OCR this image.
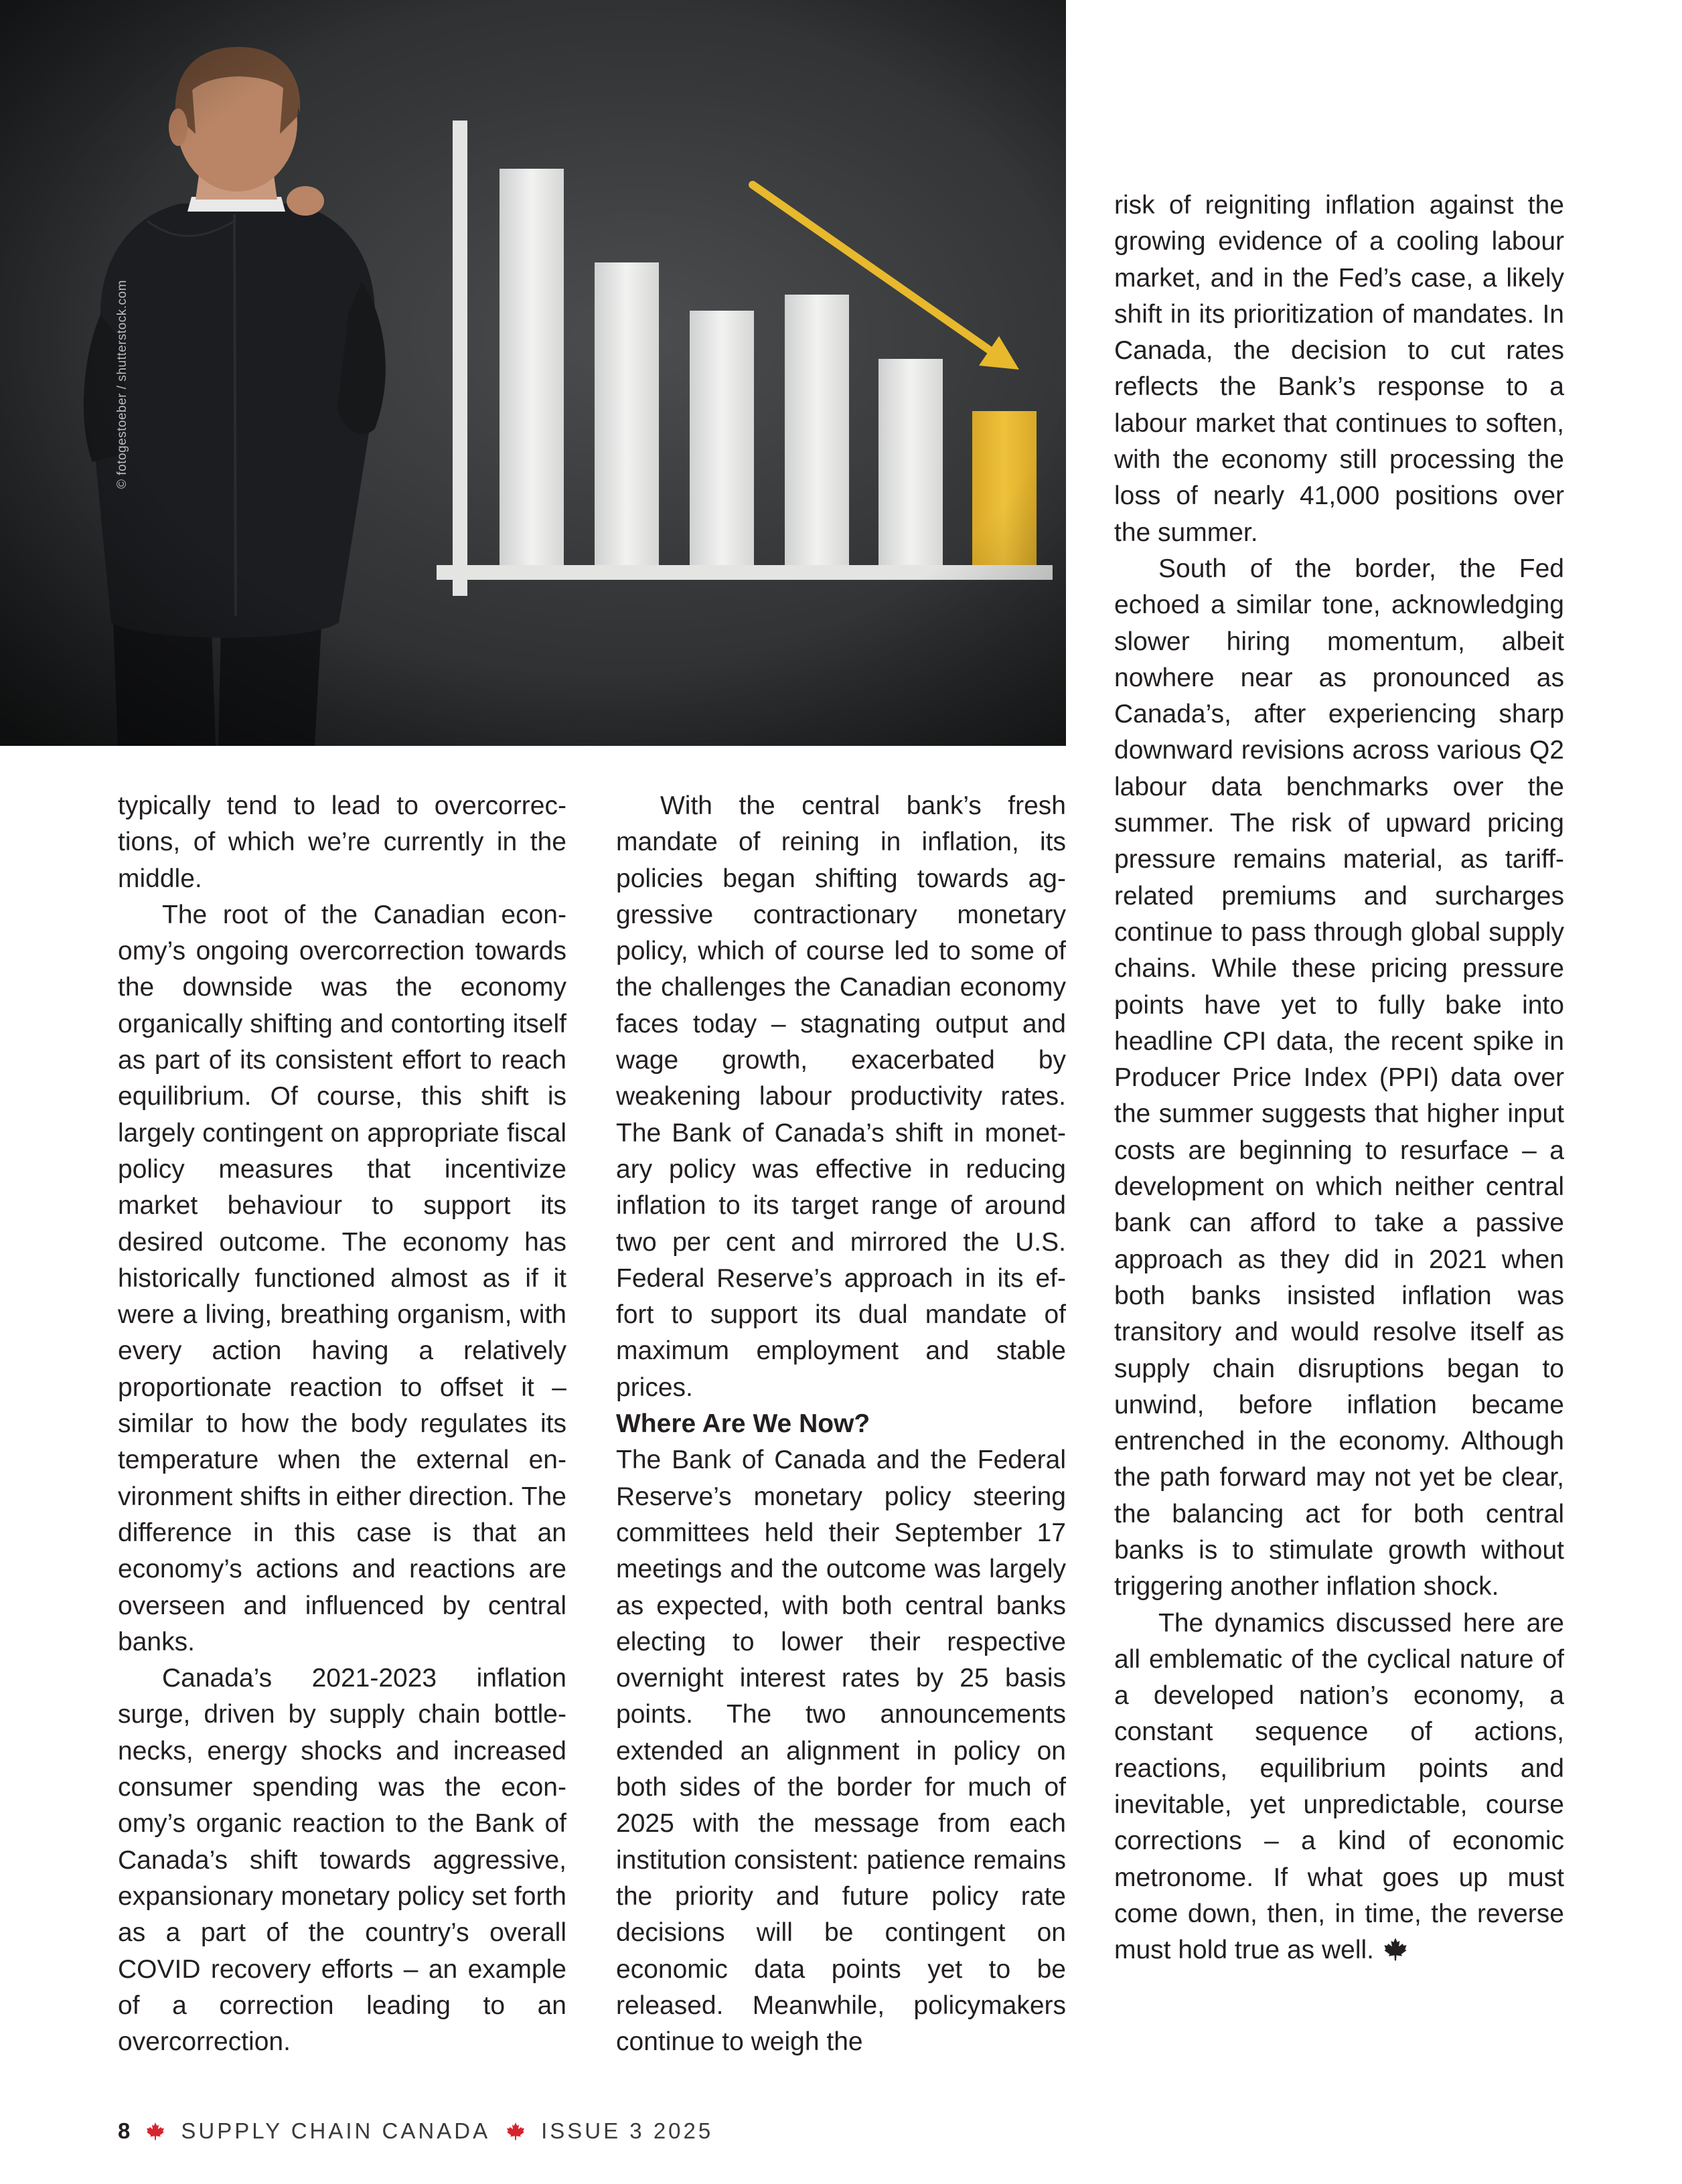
© fotogestoeber / shutterstock.com

typically tend to lead to overcorrections, of which we’re currently in the middle.

The root of the Canadian economy’s ongoing overcorrection towards the downside was the economy organically shifting and contorting itself as part of its consistent effort to reach equilibrium. Of course, this shift is largely contingent on appropriate fiscal policy measures that incentivize market behaviour to support its desired outcome. The economy has historically functioned almost as if it were a living, breathing organism, with every action having a relatively proportionate reaction to offset it – similar to how the body regulates its temperature when the external environment shifts in either direction. The difference in this case is that an economy’s actions and reactions are overseen and influenced by central banks.

Canada’s 2021-2023 inflation surge, driven by supply chain bottlenecks, energy shocks and increased consumer spending was the economy’s organic reaction to the Bank of Canada’s shift towards aggressive, expansionary monetary policy set forth as a part of the country’s overall COVID recovery efforts – an example of a correction leading to an overcorrection.

With the central bank’s fresh mandate of reining in inflation, its policies began shifting towards aggressive contractionary monetary policy, which of course led to some of the challenges the Canadian economy faces today – stagnating output and wage growth, exacerbated by weakening labour productivity rates. The Bank of Canada’s shift in monetary policy was effective in reducing inflation to its target range of around two per cent and mirrored the U.S. Federal Reserve’s approach in its effort to support its dual mandate of maximum employment and stable prices.

Where Are We Now?

The Bank of Canada and the Federal Reserve’s monetary policy steering committees held their September 17 meetings and the outcome was largely as expected, with both central banks electing to lower their respective overnight interest rates by 25 basis points. The two announcements extended an alignment in policy on both sides of the border for much of 2025 with the message from each institution consistent: patience remains the priority and future policy rate decisions will be contingent on economic data points yet to be released. Meanwhile, policymakers continue to weigh the

risk of reigniting inflation against the growing evidence of a cooling labour market, and in the Fed’s case, a likely shift in its prioritization of mandates. In Canada, the decision to cut rates reflects the Bank’s response to a labour market that continues to soften, with the economy still processing the loss of nearly 41,000 positions over the summer.

South of the border, the Fed echoed a similar tone, acknowledging slower hiring momentum, albeit nowhere near as pronounced as Canada’s, after experiencing sharp downward revisions across various Q2 labour data benchmarks over the summer. The risk of upward pricing pressure remains material, as tariff-related premiums and surcharges continue to pass through global supply chains. While these pricing pressure points have yet to fully bake into headline CPI data, the recent spike in Producer Price Index (PPI) data over the summer suggests that higher input costs are beginning to resurface – a development on which neither central bank can afford to take a passive approach as they did in 2021 when both banks insisted inflation was transitory and would resolve itself as supply chain disruptions began to unwind, before inflation became entrenched in the economy. Although the path forward may not yet be clear, the balancing act for both central banks is to stimulate growth without triggering another inflation shock.

The dynamics discussed here are all emblematic of the cyclical nature of a developed nation’s economy, a constant sequence of actions, reactions, equilibrium points and inevitable, yet unpredictable, course corrections – a kind of economic metronome. If what goes up must come down, then, in time, the reverse must hold true as well.

8 SUPPLY CHAIN CANADA ISSUE 3 2025
